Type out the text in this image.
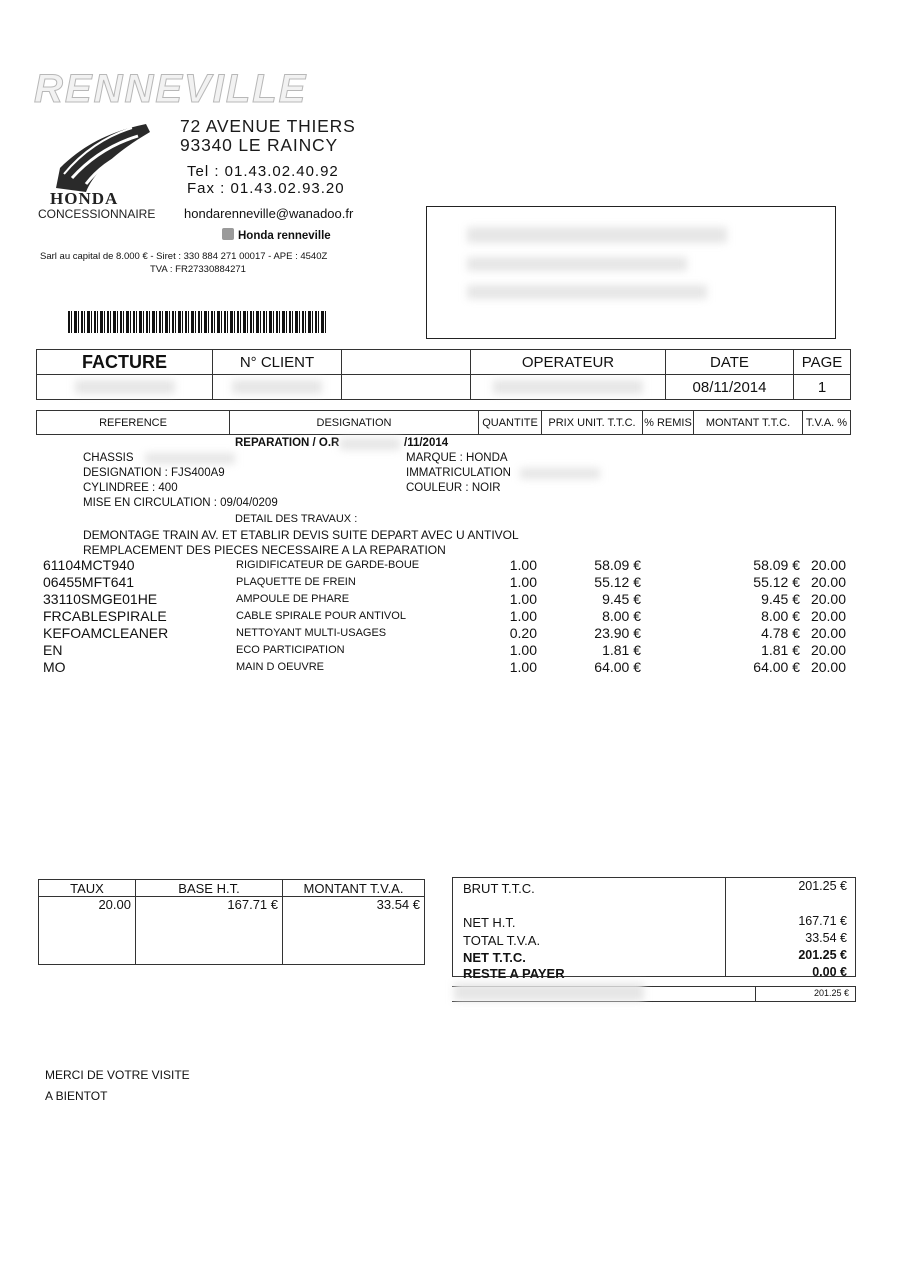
RENNEVILLE
HONDA
CONCESSIONNAIRE
72 AVENUE THIERS
93340 LE RAINCY
Tel : 01.43.02.40.92
Fax : 01.43.02.93.20
hondarenneville@wanadoo.fr
Honda renneville
Sarl au capital de 8.000 € - Siret : 330 884 271 00017 - APE : 4540Z
TVA : FR27330884271
FACTURE	N° CLIENT		OPERATEUR	DATE	PAGE

	08/11/2014	1
REFERENCE	DESIGNATION	QUANTITE	PRIX UNIT. T.T.C.	% REMIS	MONTANT T.T.C.	T.V.A. %
REPARATION / O.R	/11/2014
CHASSIS
DESIGNATION : FJS400A9
CYLINDREE : 400
MISE EN CIRCULATION : 09/04/0209
MARQUE : HONDA
IMMATRICULATION
COULEUR : NOIR
DETAIL DES TRAVAUX :
DEMONTAGE TRAIN AV. ET ETABLIR DEVIS SUITE DEPART AVEC U ANTIVOL
REMPLACEMENT DES PIECES NECESSAIRE A LA REPARATION
61104MCT940	RIGIDIFICATEUR DE GARDE-BOUE	1.00	58.09 €	58.09 € 20.00
06455MFT641	PLAQUETTE DE FREIN	1.00	55.12 €	55.12 € 20.00
33110SMGE01HE	AMPOULE DE PHARE	1.00	9.45 €	9.45 € 20.00
FRCABLESPIRALE	CABLE SPIRALE POUR ANTIVOL	1.00	8.00 €	8.00 € 20.00
KEFOAMCLEANER	NETTOYANT MULTI-USAGES	0.20	23.90 €	4.78 € 20.00
EN	ECO PARTICIPATION	1.00	1.81 €	1.81 € 20.00
MO	MAIN D OEUVRE	1.00	64.00 €	64.00 € 20.00
TAUX	BASE H.T.	MONTANT T.V.A.
20.00	167.71 €	33.54 €
BRUT T.T.C.	201.25 €
NET H.T.	167.71 €
TOTAL T.V.A.	33.54 €
NET T.T.C.	201.25 €
RESTE A PAYER	0.00 €
201.25 €
MERCI DE VOTRE VISITE
A BIENTOT
